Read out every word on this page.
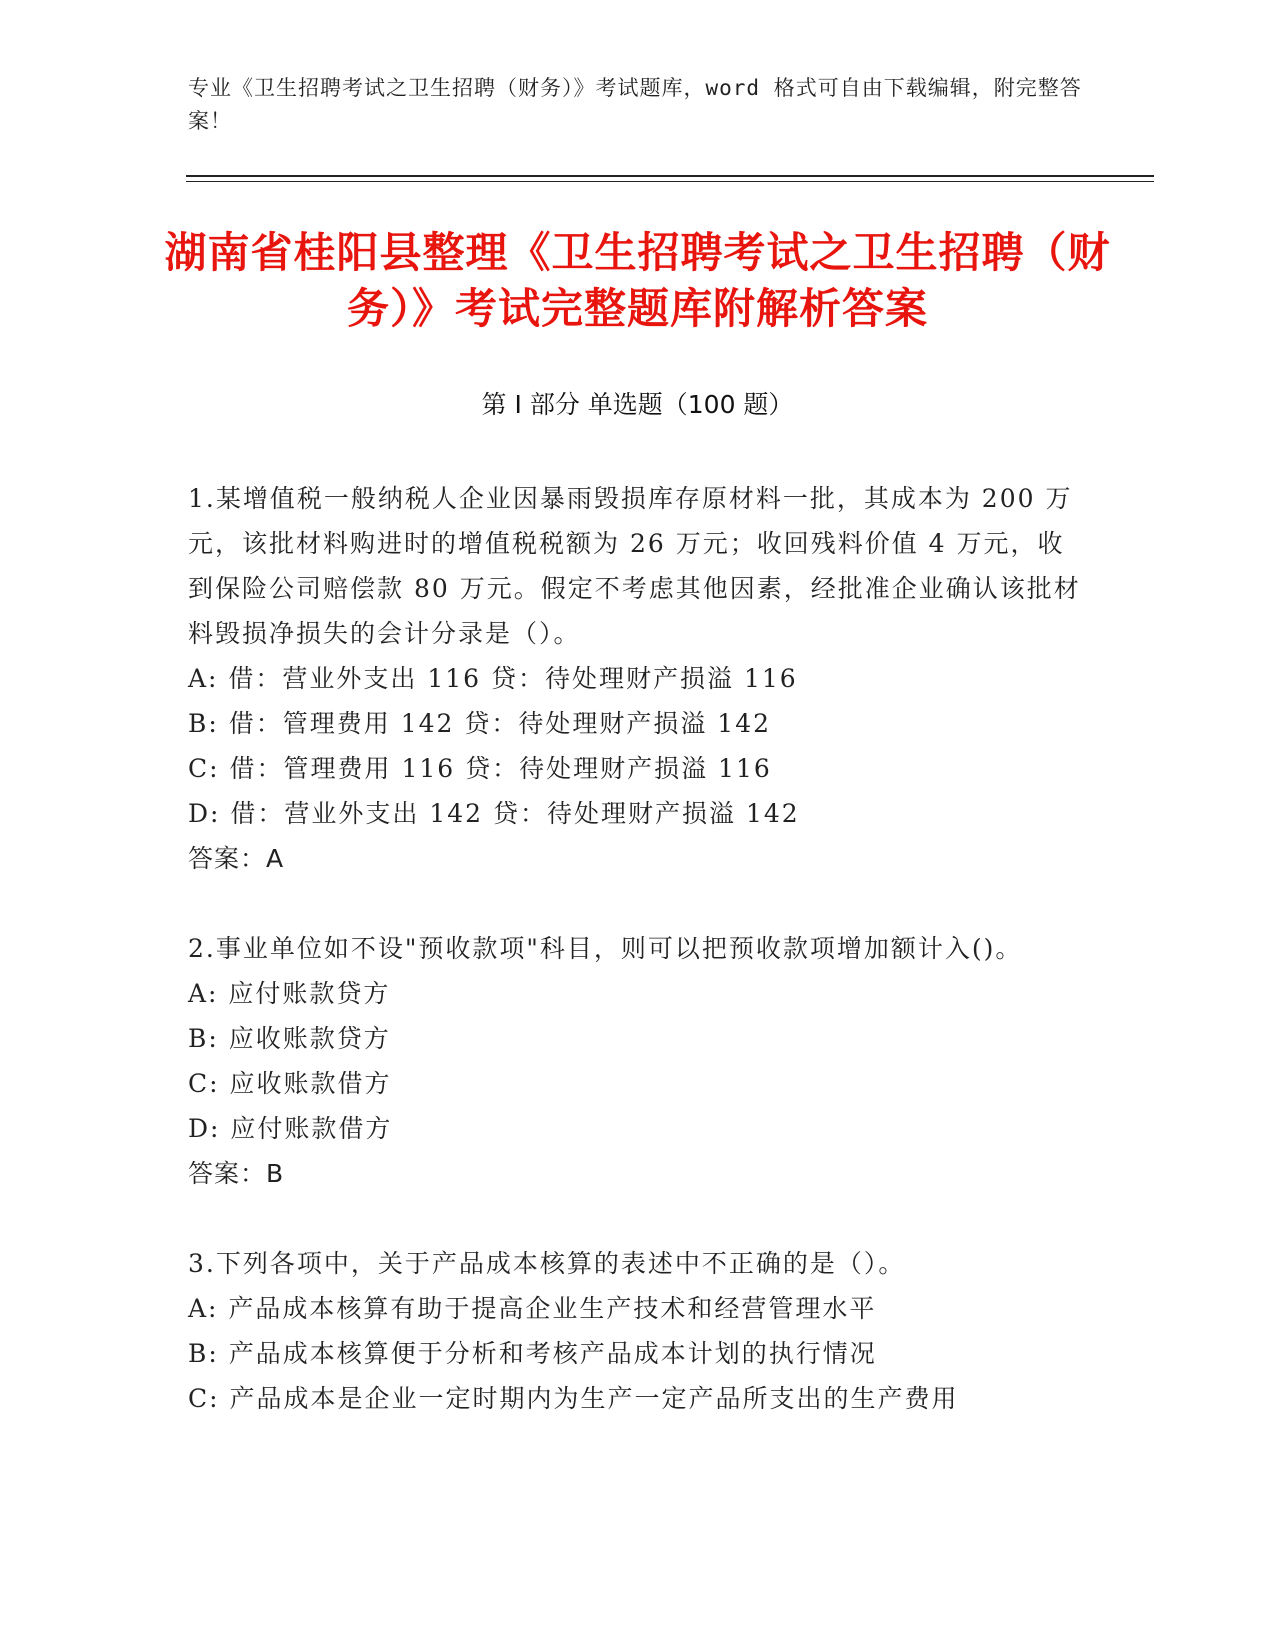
专业《卫生招聘考试之卫生招聘（财务）》考试题库，word 格式可自由下载编辑，附完整答案！
湖南省桂阳县整理《卫生招聘考试之卫生招聘（财务）》考试完整题库附解析答案
第 I 部分 单选题（100 题）

1.某增值税一般纳税人企业因暴雨毁损库存原材料一批，其成本为 200 万元，该批材料购进时的增值税税额为 26 万元；收回残料价值 4 万元，收到保险公司赔偿款 80 万元。假定不考虑其他因素，经批准企业确认该批材料毁损净损失的会计分录是（）。

A: 借：营业外支出 116 贷：待处理财产损溢 116

B: 借：管理费用 142 贷：待处理财产损溢 142

C: 借：管理费用 116 贷：待处理财产损溢 116

D: 借：营业外支出 142 贷：待处理财产损溢 142

答案：A

2.事业单位如不设"预收款项"科目，则可以把预收款项增加额计入()。

A: 应付账款贷方

B: 应收账款贷方

C: 应收账款借方

D: 应付账款借方

答案：B

3.下列各项中，关于产品成本核算的表述中不正确的是（）。

A: 产品成本核算有助于提高企业生产技术和经营管理水平

B: 产品成本核算便于分析和考核产品成本计划的执行情况

C: 产品成本是企业一定时期内为生产一定产品所支出的生产费用
